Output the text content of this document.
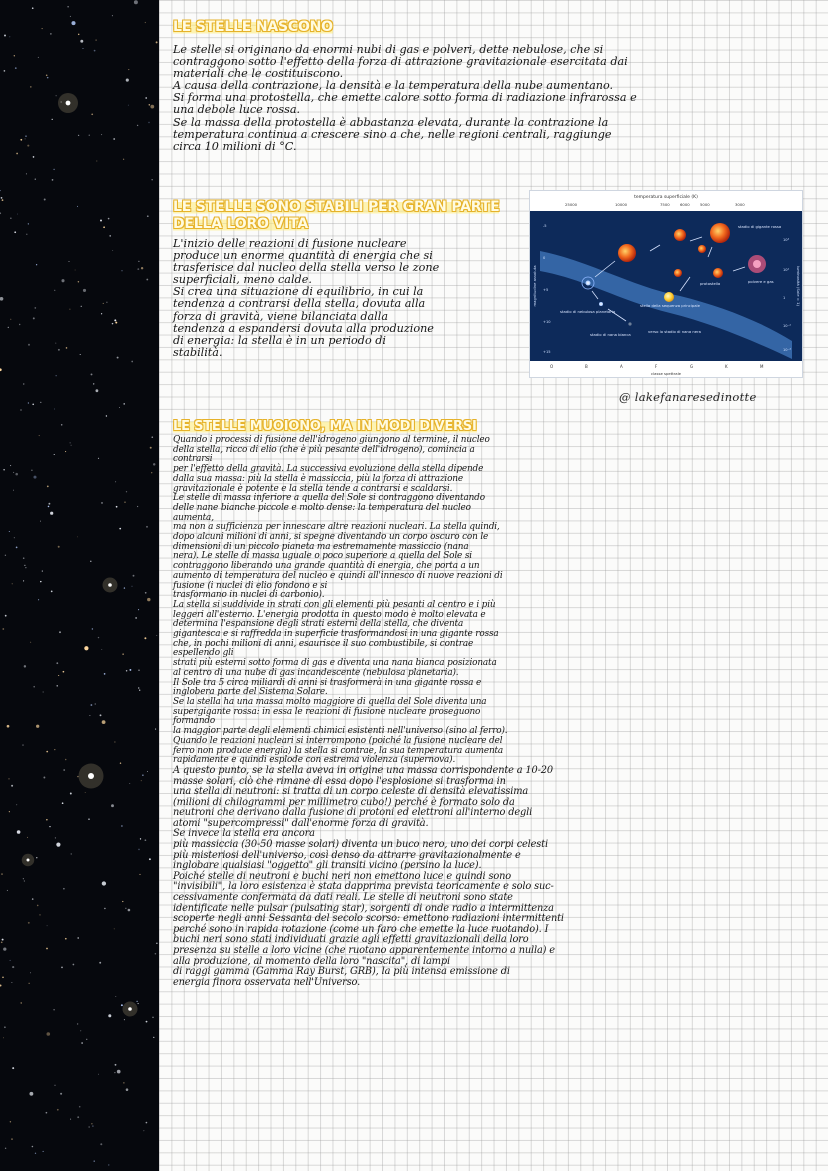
LE STELLE NASCONO

Le stelle si originano da enormi nubi di gas e polveri, dette nebulose, che si
contraggono sotto l'effetto della forza di attrazione gravitazionale esercitata dai
materiali che le costituiscono.

A causa della contrazione, la densità e la temperatura della nube aumentano.
Si forma una protostella, che emette calore sotto forma di radiazione infrarossa e
una debole luce rossa.

Se la massa della protostella è abbastanza elevata, durante la contrazione la
temperatura continua a crescere sino a che, nelle regioni centrali, raggiunge
circa 10 milioni di °C.

LE STELLE SONO STABILI PER GRAN PARTE
DELLA LORO VITA

L'inizio delle reazioni di fusione nucleare
produce un enorme quantità di energia che si
trasferisce dal nucleo della stella verso le zone
superficiali, meno calde.

Si crea una situazione di equilibrio, in cui la
tendenza a contrarsi della stella, dovuta alla
forza di gravità, viene bilanciata dalla
tendenza a espandersi dovuta alla produzione
di energia: la stella è in un periodo di
stabilità.

temperatura superficiale (K)
25000	10000	7500	6000	5000	3000
magnitudine assoluta
-5
0
+5
+10
+15
luminosità (Sole = 1)
10⁴
10²
1
10⁻²
10⁻⁴
O	B	A	F	G	K	M
classe spettrale
stadio di gigante rossa
protostella	polvere e gas
stella della sequenza principale
stadio di nebulosa planetaria
stadio di nana bianca
verso lo stadio di nana nera
@ lakefanaresedinotte
LE STELLE MUOIONO, MA IN MODI DIVERSI

Quando i processi di fusione dell'idrogeno giungono al termine, il nucleo
della stella, ricco di elio (che è più pesante dell'idrogeno), comincia a
contrarsi
per l'effetto della gravità. La successiva evoluzione della stella dipende
dalla sua massa: più la stella è massiccia, più la forza di attrazione
gravitazionale è potente e la stella tende a contrarsi e scaldarsi.
Le stelle di massa inferiore a quella del Sole si contraggono diventando
delle nane bianche piccole e molto dense: la temperatura del nucleo
aumenta,
ma non a sufficienza per innescare altre reazioni nucleari. La stella quindi,
dopo alcuni milioni di anni, si spegne diventando un corpo oscuro con le
dimensioni di un piccolo pianeta ma estremamente massiccio (nana
nera). Le stelle di massa uguale o poco superiore a quella del Sole si
contraggono liberando una grande quantità di energia, che porta a un
aumento di temperatura del nucleo e quindi all'innesco di nuove reazioni di
fusione (i nuclei di elio fondono e si
trasformano in nuclei di carbonio).
La stella si suddivide in strati con gli elementi più pesanti al centro e i più
leggeri all'esterno. L'energia prodotta in questo modo è molto elevata e
determina l'espansione degli strati esterni della stella, che diventa
gigantesca e si raffredda in superficie trasformandosi in una gigante rossa
che, in pochi milioni di anni, esaurisce il suo combustibile, si contrae
espellendo gli
strati più esterni sotto forma di gas e diventa una nana bianca posizionata
al centro di una nube di gas incandescente (nebulosa planetaria).
Il Sole tra 5 circa miliardi di anni si trasformerà in una gigante rossa e
inglobera parte del Sistema Solare.
Se la stella ha una massa molto maggiore di quella del Sole diventa una
supergigante rossa: in essa le reazioni di fusione nucleare proseguono
formando
la maggior parte degli elementi chimici esistenti nell'universo (sino al ferro).
Quando le reazioni nucleari si interrompono (poiché la fusione nucleare del
ferro non produce energia) la stella si contrae, la sua temperatura aumenta
rapidamente e quindi esplode con estrema violenza (supernova).

A questo punto, se la stella aveva in origine una massa corrispondente a 10-20
masse solari, ciò che rimane di essa dopo l'esplosione si trasforma in
una stella di neutroni: si tratta di un corpo celeste di densità elevatissima
(milioni di chilogrammi per millimetro cubo!) perché è formato solo da
neutroni che derivano dalla fusione di protoni ed elettroni all'interno degli
atomi "supercompressi" dall'enorme forza di gravità.
Se invece la stella era ancora
più massiccia (30-50 masse solari) diventa un buco nero, uno dei corpi celesti
più misteriosi dell'universo, così denso da attrarre gravitazionalmente e
inglobare qualsiasi "oggetto" gli transiti vicino (persino la luce).
Poiché stelle di neutroni e buchi neri non emettono luce e quindi sono
"invisibili", la loro esistenza è stata dapprima prevista teoricamente e solo suc-
cessivamente confermata da dati reali. Le stelle di neutroni sono state
identificate nelle pulsar (pulsating star), sorgenti di onde radio a intermittenza
scoperte negli anni Sessanta del secolo scorso: emettono radiazioni intermittenti
perché sono in rapida rotazione (come un faro che emette la luce ruotando). I
buchi neri sono stati individuati grazie agli effetti gravitazionali della loro
presenza su stelle a loro vicine (che ruotano apparentemente intorno a nulla) e
alla produzione, al momento della loro "nascita", di lampi
di raggi gamma (Gamma Ray Burst, GRB), la più intensa emissione di
energia finora osservata nell'Universo.
